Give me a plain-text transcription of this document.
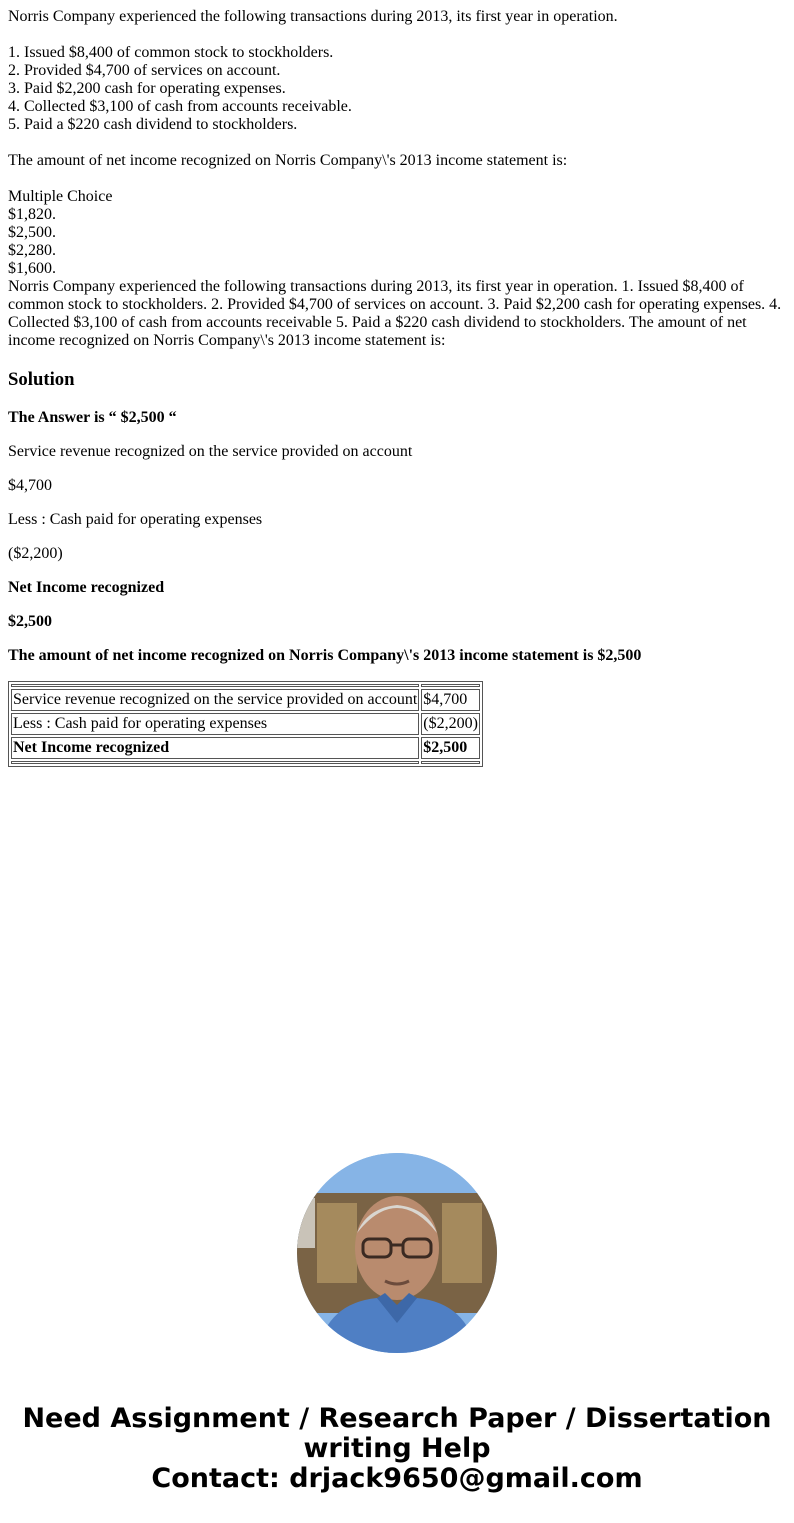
Norris Company experienced the following transactions during 2013, its first year in operation.
1. Issued $8,400 of common stock to stockholders.
2. Provided $4,700 of services on account.
3. Paid $2,200 cash for operating expenses.
4. Collected $3,100 of cash from accounts receivable.
5. Paid a $220 cash dividend to stockholders.
The amount of net income recognized on Norris Company\'s 2013 income statement is:
Multiple Choice
$1,820.
$2,500.
$2,280.
$1,600.
Norris Company experienced the following transactions during 2013, its first year in operation. 1. Issued $8,400 of common stock to stockholders. 2. Provided $4,700 of services on account. 3. Paid $2,200 cash for operating expenses. 4. Collected $3,100 of cash from accounts receivable 5. Paid a $220 cash dividend to stockholders. The amount of net income recognized on Norris Company\'s 2013 income statement is:
Solution

The Answer is “ $2,500 “

Service revenue recognized on the service provided on account

$4,700

Less : Cash paid for operating expenses

($2,200)

Net Income recognized

$2,500

The amount of net income recognized on Norris Company\'s 2013 income statement is $2,500

Service revenue recognized on the service provided on account	$4,700
Less : Cash paid for operating expenses	($2,200)
Net Income recognized	$2,500

Need Assignment / Research Paper / Dissertation
writing Help
Contact: drjack9650@gmail.com
